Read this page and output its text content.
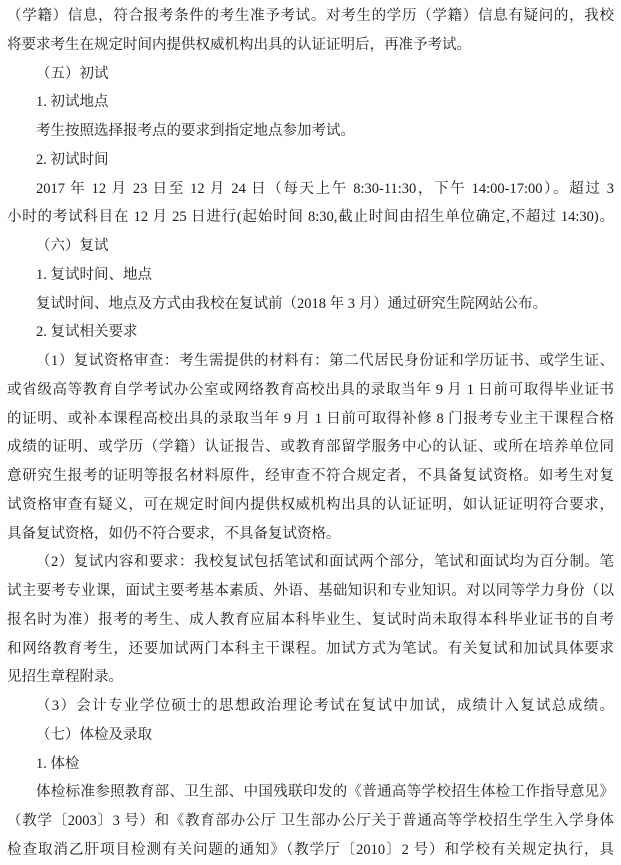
（学籍）信息，符合报考条件的考生准予考试。对考生的学历（学籍）信息有疑问的，我校
将要求考生在规定时间内提供权威机构出具的认证证明后，再准予考试。
（五）初试
1. 初试地点
考生按照选择报考点的要求到指定地点参加考试。
2. 初试时间
2017 年 12 月 23 日至 12 月 24 日（每天上午 8:30-11:30，下午 14:00-17:00）。超过 3
小时的考试科目在 12 月 25 日进行(起始时间 8:30,截止时间由招生单位确定,不超过 14:30)。
（六）复试
1. 复试时间、地点
复试时间、地点及方式由我校在复试前（2018 年 3 月）通过研究生院网站公布。
2. 复试相关要求
（1）复试资格审查：考生需提供的材料有：第二代居民身份证和学历证书、或学生证、
或省级高等教育自学考试办公室或网络教育高校出具的录取当年 9 月 1 日前可取得毕业证书
的证明、或补本课程高校出具的录取当年 9 月 1 日前可取得补修 8 门报考专业主干课程合格
成绩的证明、或学历（学籍）认证报告、或教育部留学服务中心的认证、或所在培养单位同
意研究生报考的证明等报名材料原件，经审查不符合规定者，不具备复试资格。如考生对复
试资格审查有疑义，可在规定时间内提供权威机构出具的认证证明，如认证证明符合要求，
具备复试资格，如仍不符合要求，不具备复试资格。
（2）复试内容和要求：我校复试包括笔试和面试两个部分，笔试和面试均为百分制。笔
试主要考专业课，面试主要考基本素质、外语、基础知识和专业知识。对以同等学力身份（以
报名时为准）报考的考生、成人教育应届本科毕业生、复试时尚未取得本科毕业证书的自考
和网络教育考生，还要加试两门本科主干课程。加试方式为笔试。有关复试和加试具体要求
见招生章程附录。
（3）会计专业学位硕士的思想政治理论考试在复试中加试，成绩计入复试总成绩。
（七）体检及录取
1. 体检
体检标准参照教育部、卫生部、中国残联印发的《普通高等学校招生体检工作指导意见》
（教学〔2003〕3 号）和《教育部办公厅 卫生部办公厅关于普通高等学校招生学生入学身体
检查取消乙肝项目检测有关问题的通知》（教学厅〔2010〕2 号）和学校有关规定执行，具
